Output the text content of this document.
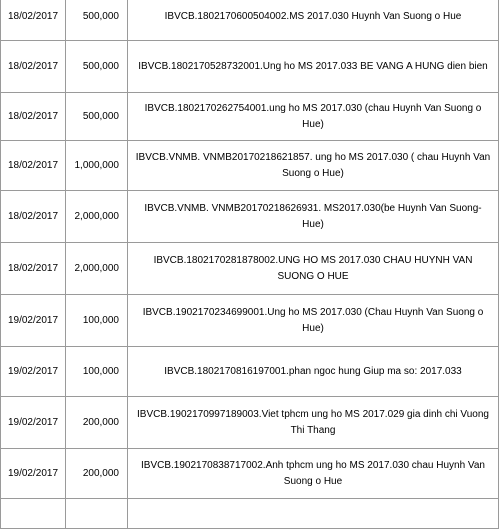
18/02/2017	500,000	IBVCB.1802170600504002.MS 2017.030 Huynh Van Suong o Hue
18/02/2017	500,000	IBVCB.1802170528732001.Ung ho MS 2017.033 BE VANG A HUNG dien bien
18/02/2017	500,000	IBVCB.1802170262754001.ung ho MS 2017.030 (chau Huynh Van Suong o Hue)
18/02/2017	1,000,000	IBVCB.VNMB. VNMB20170218621857. ung ho MS 2017.030 ( chau Huynh Van Suong o Hue)
18/02/2017	2,000,000	IBVCB.VNMB. VNMB20170218626931. MS2017.030(be Huynh Van Suong-Hue)
18/02/2017	2,000,000	IBVCB.1802170281878002.UNG HO MS 2017.030 CHAU HUYNH VAN SUONG O HUE
19/02/2017	100,000	IBVCB.1902170234699001.Ung ho MS 2017.030 (Chau Huynh Van Suong o Hue)
19/02/2017	100,000	IBVCB.1802170816197001.phan ngoc hung Giup ma so: 2017.033
19/02/2017	200,000	IBVCB.1902170997189003.Viet tphcm ung ho MS 2017.029 gia dinh chi Vuong Thi Thang
19/02/2017	200,000	IBVCB.1902170838717002.Anh tphcm ung ho MS 2017.030 chau Huynh Van Suong o Hue
